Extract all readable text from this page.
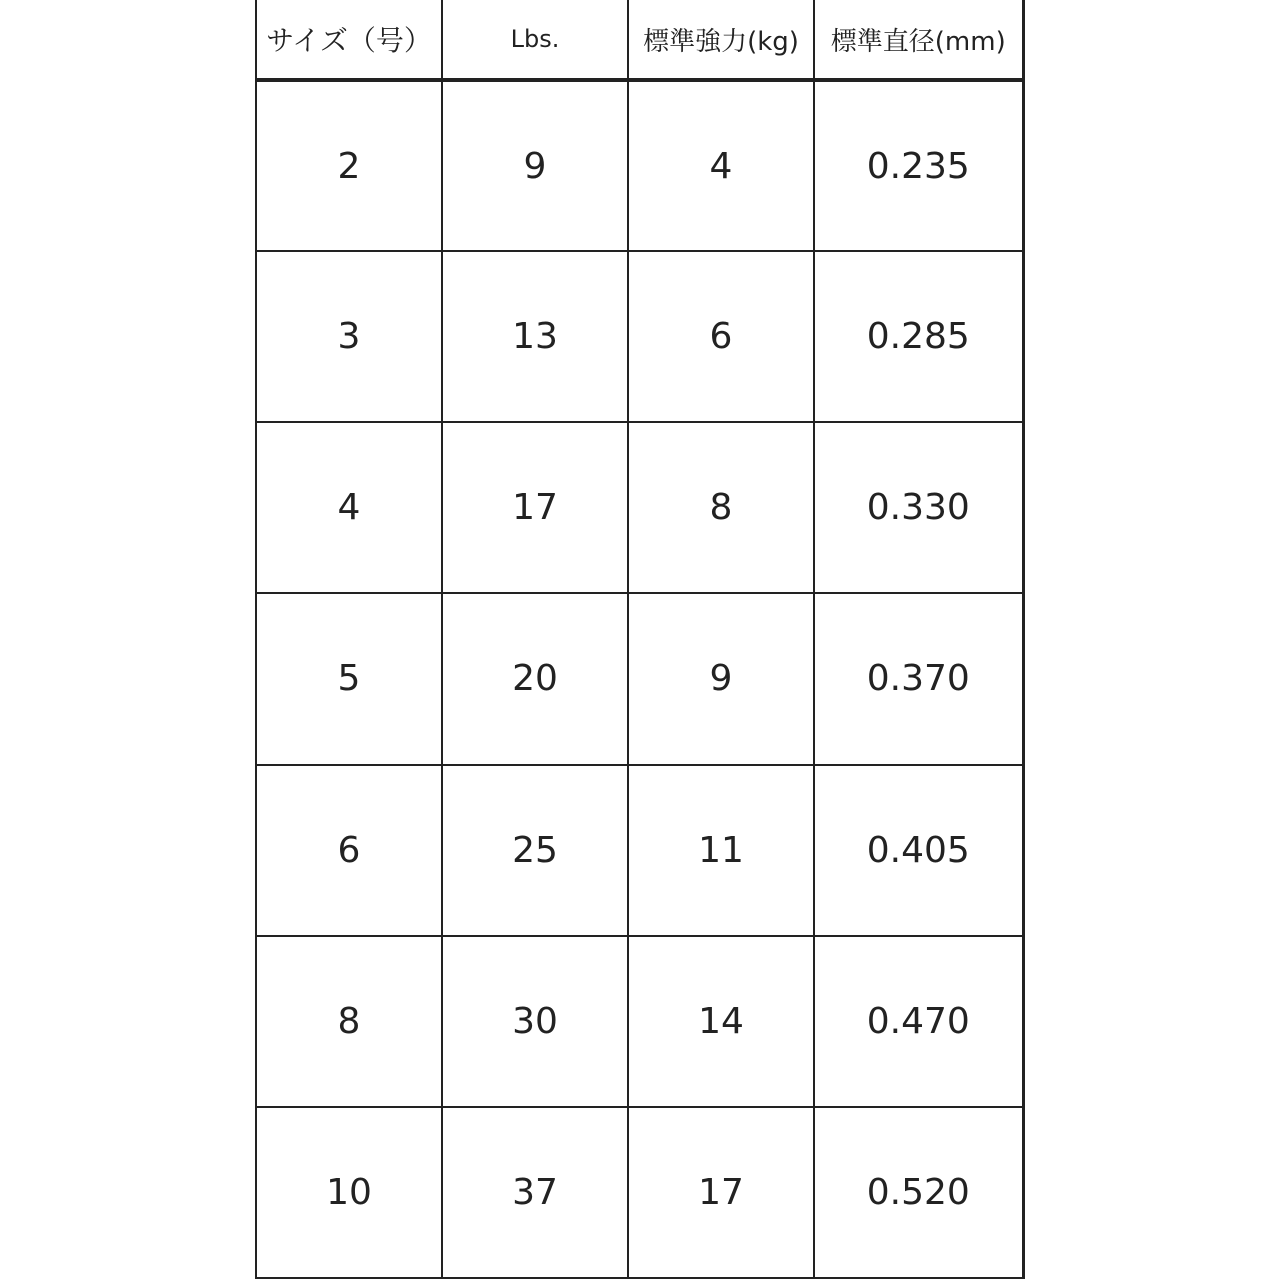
サイズ（号）	Lbs.	標準強力(kg)	標準直径(mm)
2	9	4	0.235
3	13	6	0.285
4	17	8	0.330
5	20	9	0.370
6	25	11	0.405
8	30	14	0.470
10	37	17	0.520
